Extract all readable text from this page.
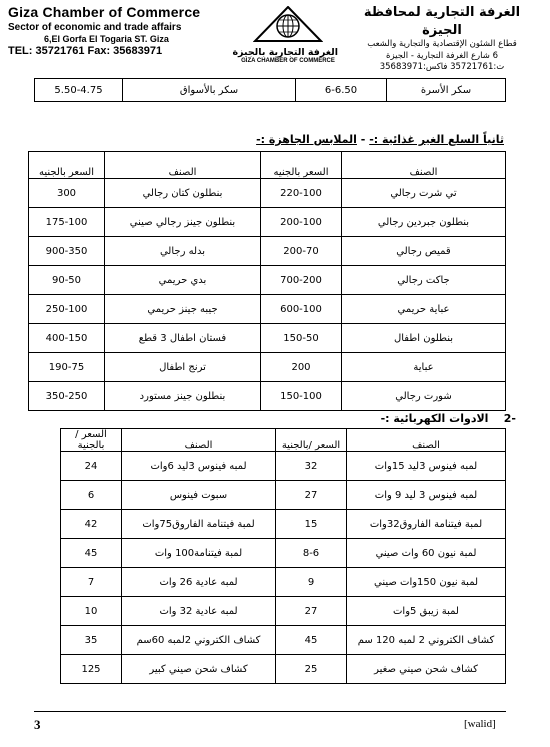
Giza Chamber of Commerce
Sector of economic and trade affairs
6,El Gorfa El Togaria ST. Giza
TEL: 35721761 Fax: 35683971	الغرفة التجارية بالجيزة
GIZA CHAMBER OF COMMERCE
الغرفة التجارية لمحافظة الجيزة
قطاع الشئون الإقتصادية والتجارية والشعب
6 شارع الغرفة التجارية - الجيزة
ت:35721761 فاكس:35683971
سكر الأسرة	6-6.50	سكر بالأسواق	5.50-4.75
ثانياً السلع الغير غذائية :- - الملابس الجاهزة :-
الصنف	السعر بالجنيه	الصنف	السعر بالجنيه
تي شرت رجالي	220-100	بنطلون كتان رجالي	300
بنطلون جبردين رجالي	200-100	بنطلون جينز رجالي صيني	175-100
قميص رجالي	200-70	بدله رجالي	900-350
جاكت رجالي	700-200	بدي حريمي	90-50
عباية حريمي	600-100	جيبه جينز حريمي	250-100
بنطلون اطفال	150-50	فستان اطفال 3 قطع	400-150
عباية	200	ترنج اطفال	190-75
شورت رجالي	150-100	بنطلون جينز مستورد	350-250
-2    الادوات الكهربائية :-
الصنف	السعر /بالجنية	الصنف	السعر / بالجنية
لمبه فينوس 3ليد 15وات	32	لمبه فينوس 3ليد 6وات	24
لمبه فينوس 3 ليد 9 وات	27	سبوت فينوس	6
لمبة فيتنامة الفاروق32وات	15	لمبة فيتنامة الفاروق75وات	42
لمبة نيون 60 وات صيني	8-6	لمبة فيتنامة100 وات	45
لمبة نيون 150وات صيني	9	لمبه عادية 26 وات	7
لمبة زيبق 5وات	27	لمبه عادية 32 وات	10
كشاف الكتروني 2 لمبه 120 سم	45	كشاف الكتروني 2لمبه 60سم	35
كشاف شحن صيني صغير	25	كشاف شحن صيني كبير	125
3	[walid]
